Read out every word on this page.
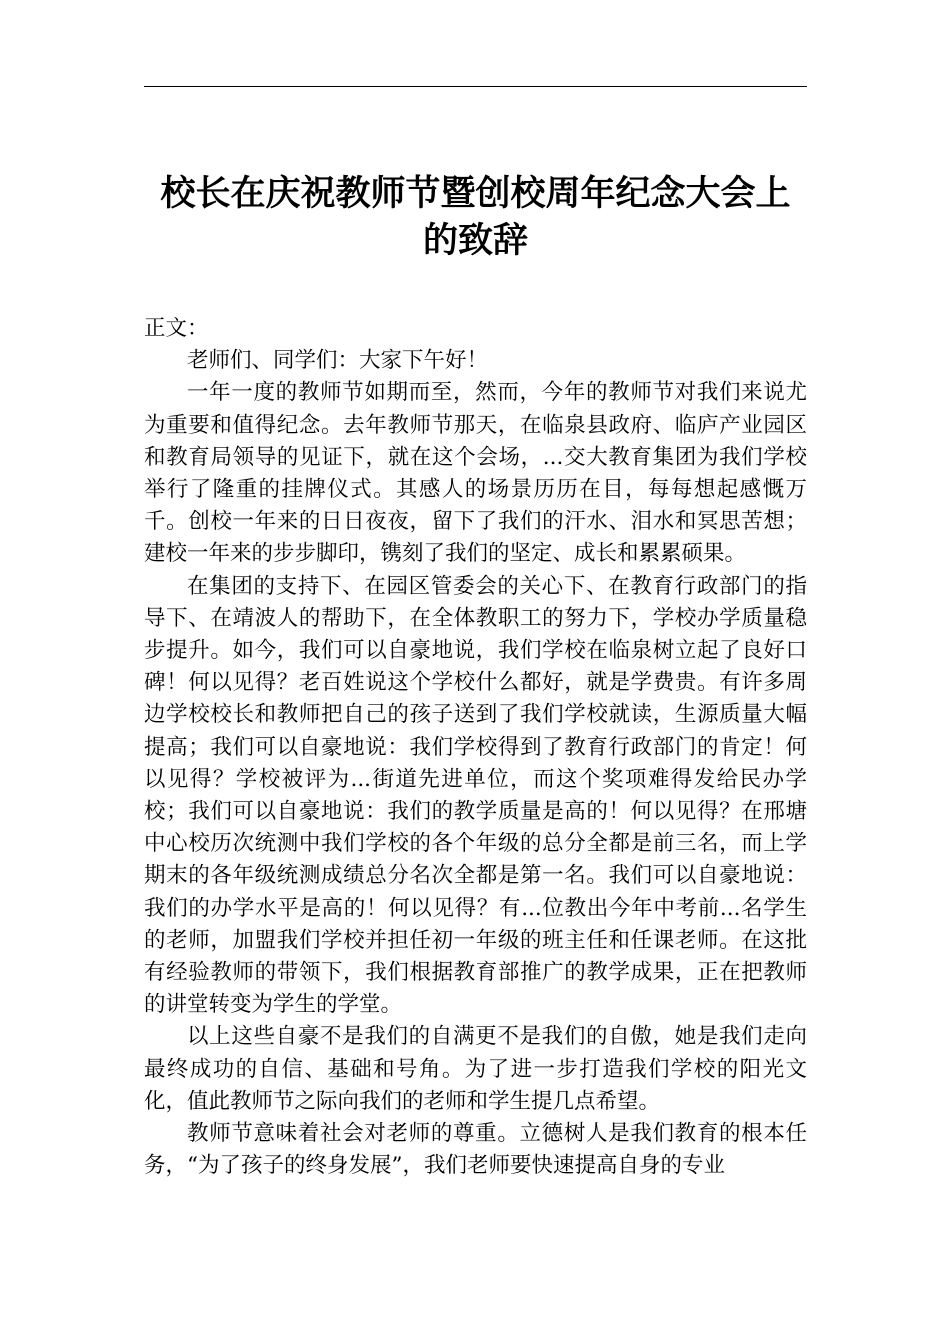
校长在庆祝教师节暨创校周年纪念大会上的致辞

正文：

老师们、同学们：大家下午好！

一年一度的教师节如期而至，然而，今年的教师节对我们来说尤为重要和值得纪念。去年教师节那天，在临泉县政府、临庐产业园区和教育局领导的见证下，就在这个会场，...交大教育集团为我们学校举行了隆重的挂牌仪式。其感人的场景历历在目，每每想起感慨万千。创校一年来的日日夜夜，留下了我们的汗水、泪水和冥思苦想；建校一年来的步步脚印，镌刻了我们的坚定、成长和累累硕果。

在集团的支持下、在园区管委会的关心下、在教育行政部门的指导下、在靖波人的帮助下，在全体教职工的努力下，学校办学质量稳步提升。如今，我们可以自豪地说，我们学校在临泉树立起了良好口碑！何以见得？老百姓说这个学校什么都好，就是学费贵。有许多周边学校校长和教师把自己的孩子送到了我们学校就读，生源质量大幅提高；我们可以自豪地说：我们学校得到了教育行政部门的肯定！何以见得？学校被评为...街道先进单位，而这个奖项难得发给民办学校；我们可以自豪地说：我们的教学质量是高的！何以见得？在邢塘中心校历次统测中我们学校的各个年级的总分全都是前三名，而上学期末的各年级统测成绩总分名次全都是第一名。我们可以自豪地说：我们的办学水平是高的！何以见得？有...位教出今年中考前...名学生的老师，加盟我们学校并担任初一年级的班主任和任课老师。在这批有经验教师的带领下，我们根据教育部推广的教学成果，正在把教师的讲堂转变为学生的学堂。

以上这些自豪不是我们的自满更不是我们的自傲，她是我们走向最终成功的自信、基础和号角。为了进一步打造我们学校的阳光文化，值此教师节之际向我们的老师和学生提几点希望。

教师节意味着社会对老师的尊重。立德树人是我们教育的根本任务，“为了孩子的终身发展”，我们老师要快速提高自身的专业
